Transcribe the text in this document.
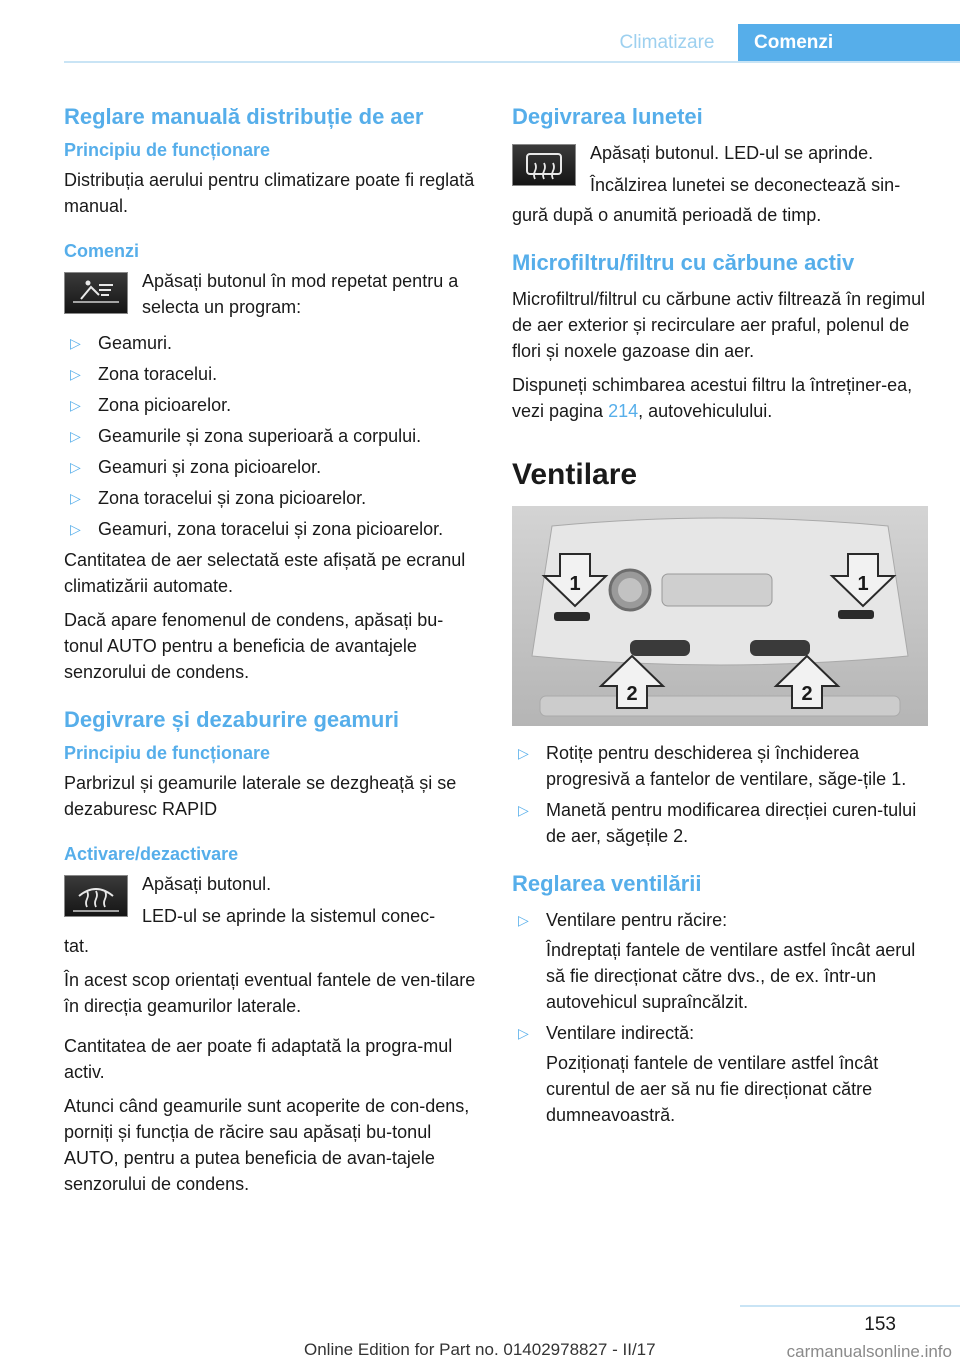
Climatizare	Comenzi
Reglare manuală distribuție de aer
Principiu de funcționare

Distribuția aerului pentru climatizare poate fi reglată manual.

Comenzi

Apăsați butonul în mod repetat pentru a selecta un program:

▷ Geamuri.
▷ Zona toracelui.
▷ Zona picioarelor.
▷ Geamurile și zona superioară a corpului.
▷ Geamuri și zona picioarelor.
▷ Zona toracelui și zona picioarelor.
▷ Geamuri, zona toracelui și zona picioarelor.

Cantitatea de aer selectată este afișată pe ecranul climatizării automate.

Dacă apare fenomenul de condens, apăsați bu-tonul AUTO pentru a beneficia de avantajele senzorului de condens.

Degivrare și dezaburire geamuri
Principiu de funcționare

Parbrizul și geamurile laterale se dezgheață și se dezaburesc RAPID

Activare/dezactivare

Apăsați butonul.

LED-ul se aprinde la sistemul conec-

tat.

În acest scop orientați eventual fantele de ven-tilare în direcția geamurilor laterale.

Cantitatea de aer poate fi adaptată la progra-mul activ.

Atunci când geamurile sunt acoperite de con-dens, porniți și funcția de răcire sau apăsați bu-tonul AUTO, pentru a putea beneficia de avan-tajele senzorului de condens.

Degivrarea lunetei

Apăsați butonul. LED-ul se aprinde.

Încălzirea lunetei se deconectează sin-

gură după o anumită perioadă de timp.

Microfiltru/filtru cu cărbune activ

Microfiltrul/filtrul cu cărbune activ filtrează în regimul de aer exterior și recirculare aer praful, polenul de flori și noxele gazoase din aer.

Dispuneți schimbarea acestui filtru la întreținer-ea, vezi pagina 214, autovehiculului.

Ventilare
1	1
2	2
▷ Rotițe pentru deschiderea și închiderea progresivă a fantelor de ventilare, săge-țile 1.
▷ Manetă pentru modificarea direcției curen-tului de aer, săgețile 2.
Reglarea ventilării
▷ Ventilare pentru răcire:
Îndreptați fantele de ventilare astfel încât aerul să fie direcționat către dvs., de ex. într-un autovehicul supraîncălzit.
▷ Ventilare indirectă:
Poziționați fantele de ventilare astfel încât curentul de aer să nu fie direcționat către dumneavoastră.
153
Online Edition for Part no. 01402978827 - II/17	carmanualsonline.info
